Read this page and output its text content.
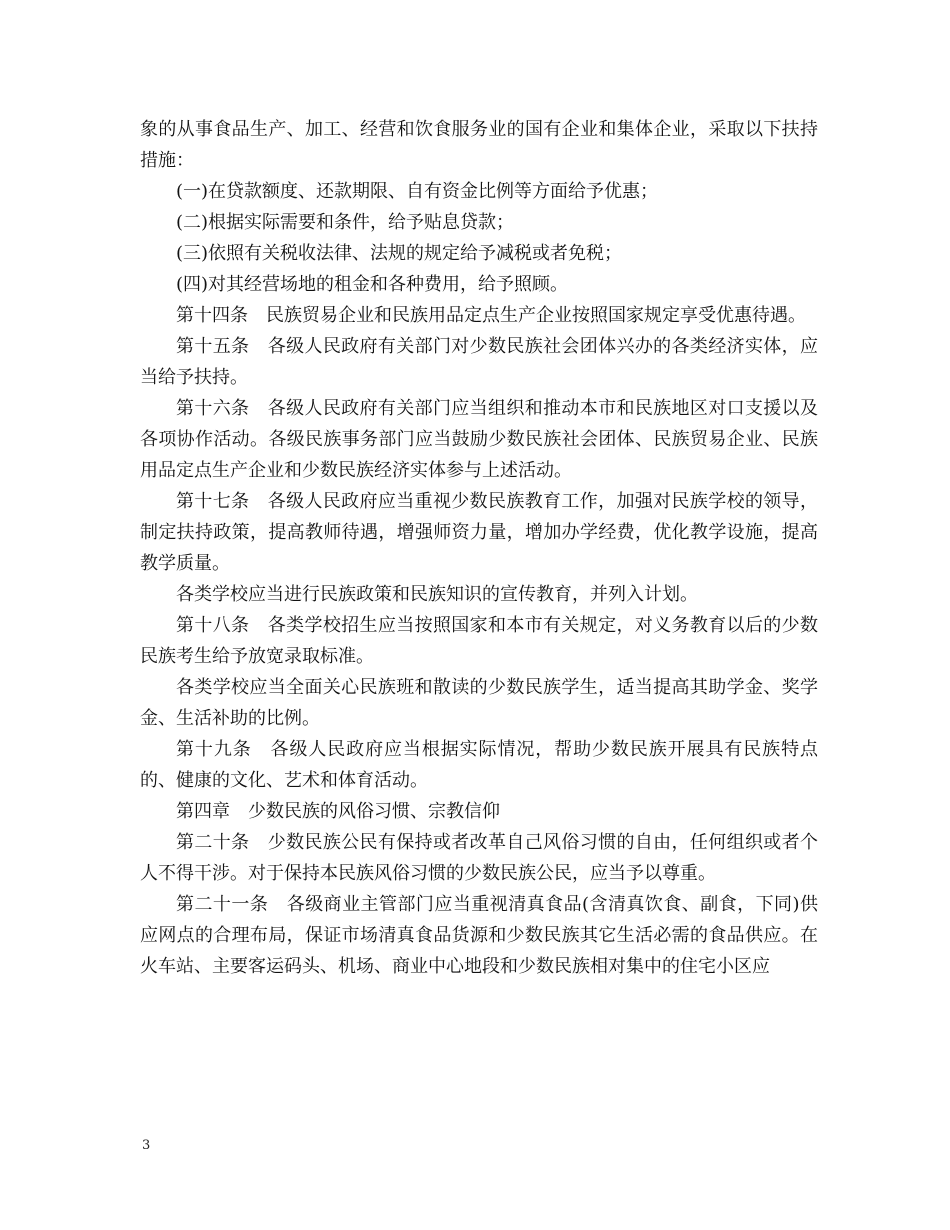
象的从事食品生产、加工、经营和饮食服务业的国有企业和集体企业，采取以下扶持措施：

(一)在贷款额度、还款期限、自有资金比例等方面给予优惠；

(二)根据实际需要和条件，给予贴息贷款；

(三)依照有关税收法律、法规的规定给予减税或者免税；

(四)对其经营场地的租金和各种费用，给予照顾。

第十四条　民族贸易企业和民族用品定点生产企业按照国家规定享受优惠待遇。

第十五条　各级人民政府有关部门对少数民族社会团体兴办的各类经济实体，应当给予扶持。

第十六条　各级人民政府有关部门应当组织和推动本市和民族地区对口支援以及各项协作活动。各级民族事务部门应当鼓励少数民族社会团体、民族贸易企业、民族用品定点生产企业和少数民族经济实体参与上述活动。

第十七条　各级人民政府应当重视少数民族教育工作，加强对民族学校的领导，制定扶持政策，提高教师待遇，增强师资力量，增加办学经费，优化教学设施，提高教学质量。

各类学校应当进行民族政策和民族知识的宣传教育，并列入计划。

第十八条　各类学校招生应当按照国家和本市有关规定，对义务教育以后的少数民族考生给予放宽录取标准。

各类学校应当全面关心民族班和散读的少数民族学生，适当提高其助学金、奖学金、生活补助的比例。

第十九条　各级人民政府应当根据实际情况，帮助少数民族开展具有民族特点的、健康的文化、艺术和体育活动。

第四章　少数民族的风俗习惯、宗教信仰

第二十条　少数民族公民有保持或者改革自己风俗习惯的自由，任何组织或者个人不得干涉。对于保持本民族风俗习惯的少数民族公民，应当予以尊重。

第二十一条　各级商业主管部门应当重视清真食品(含清真饮食、副食，下同)供应网点的合理布局，保证市场清真食品货源和少数民族其它生活必需的食品供应。在火车站、主要客运码头、机场、商业中心地段和少数民族相对集中的住宅小区应

3
